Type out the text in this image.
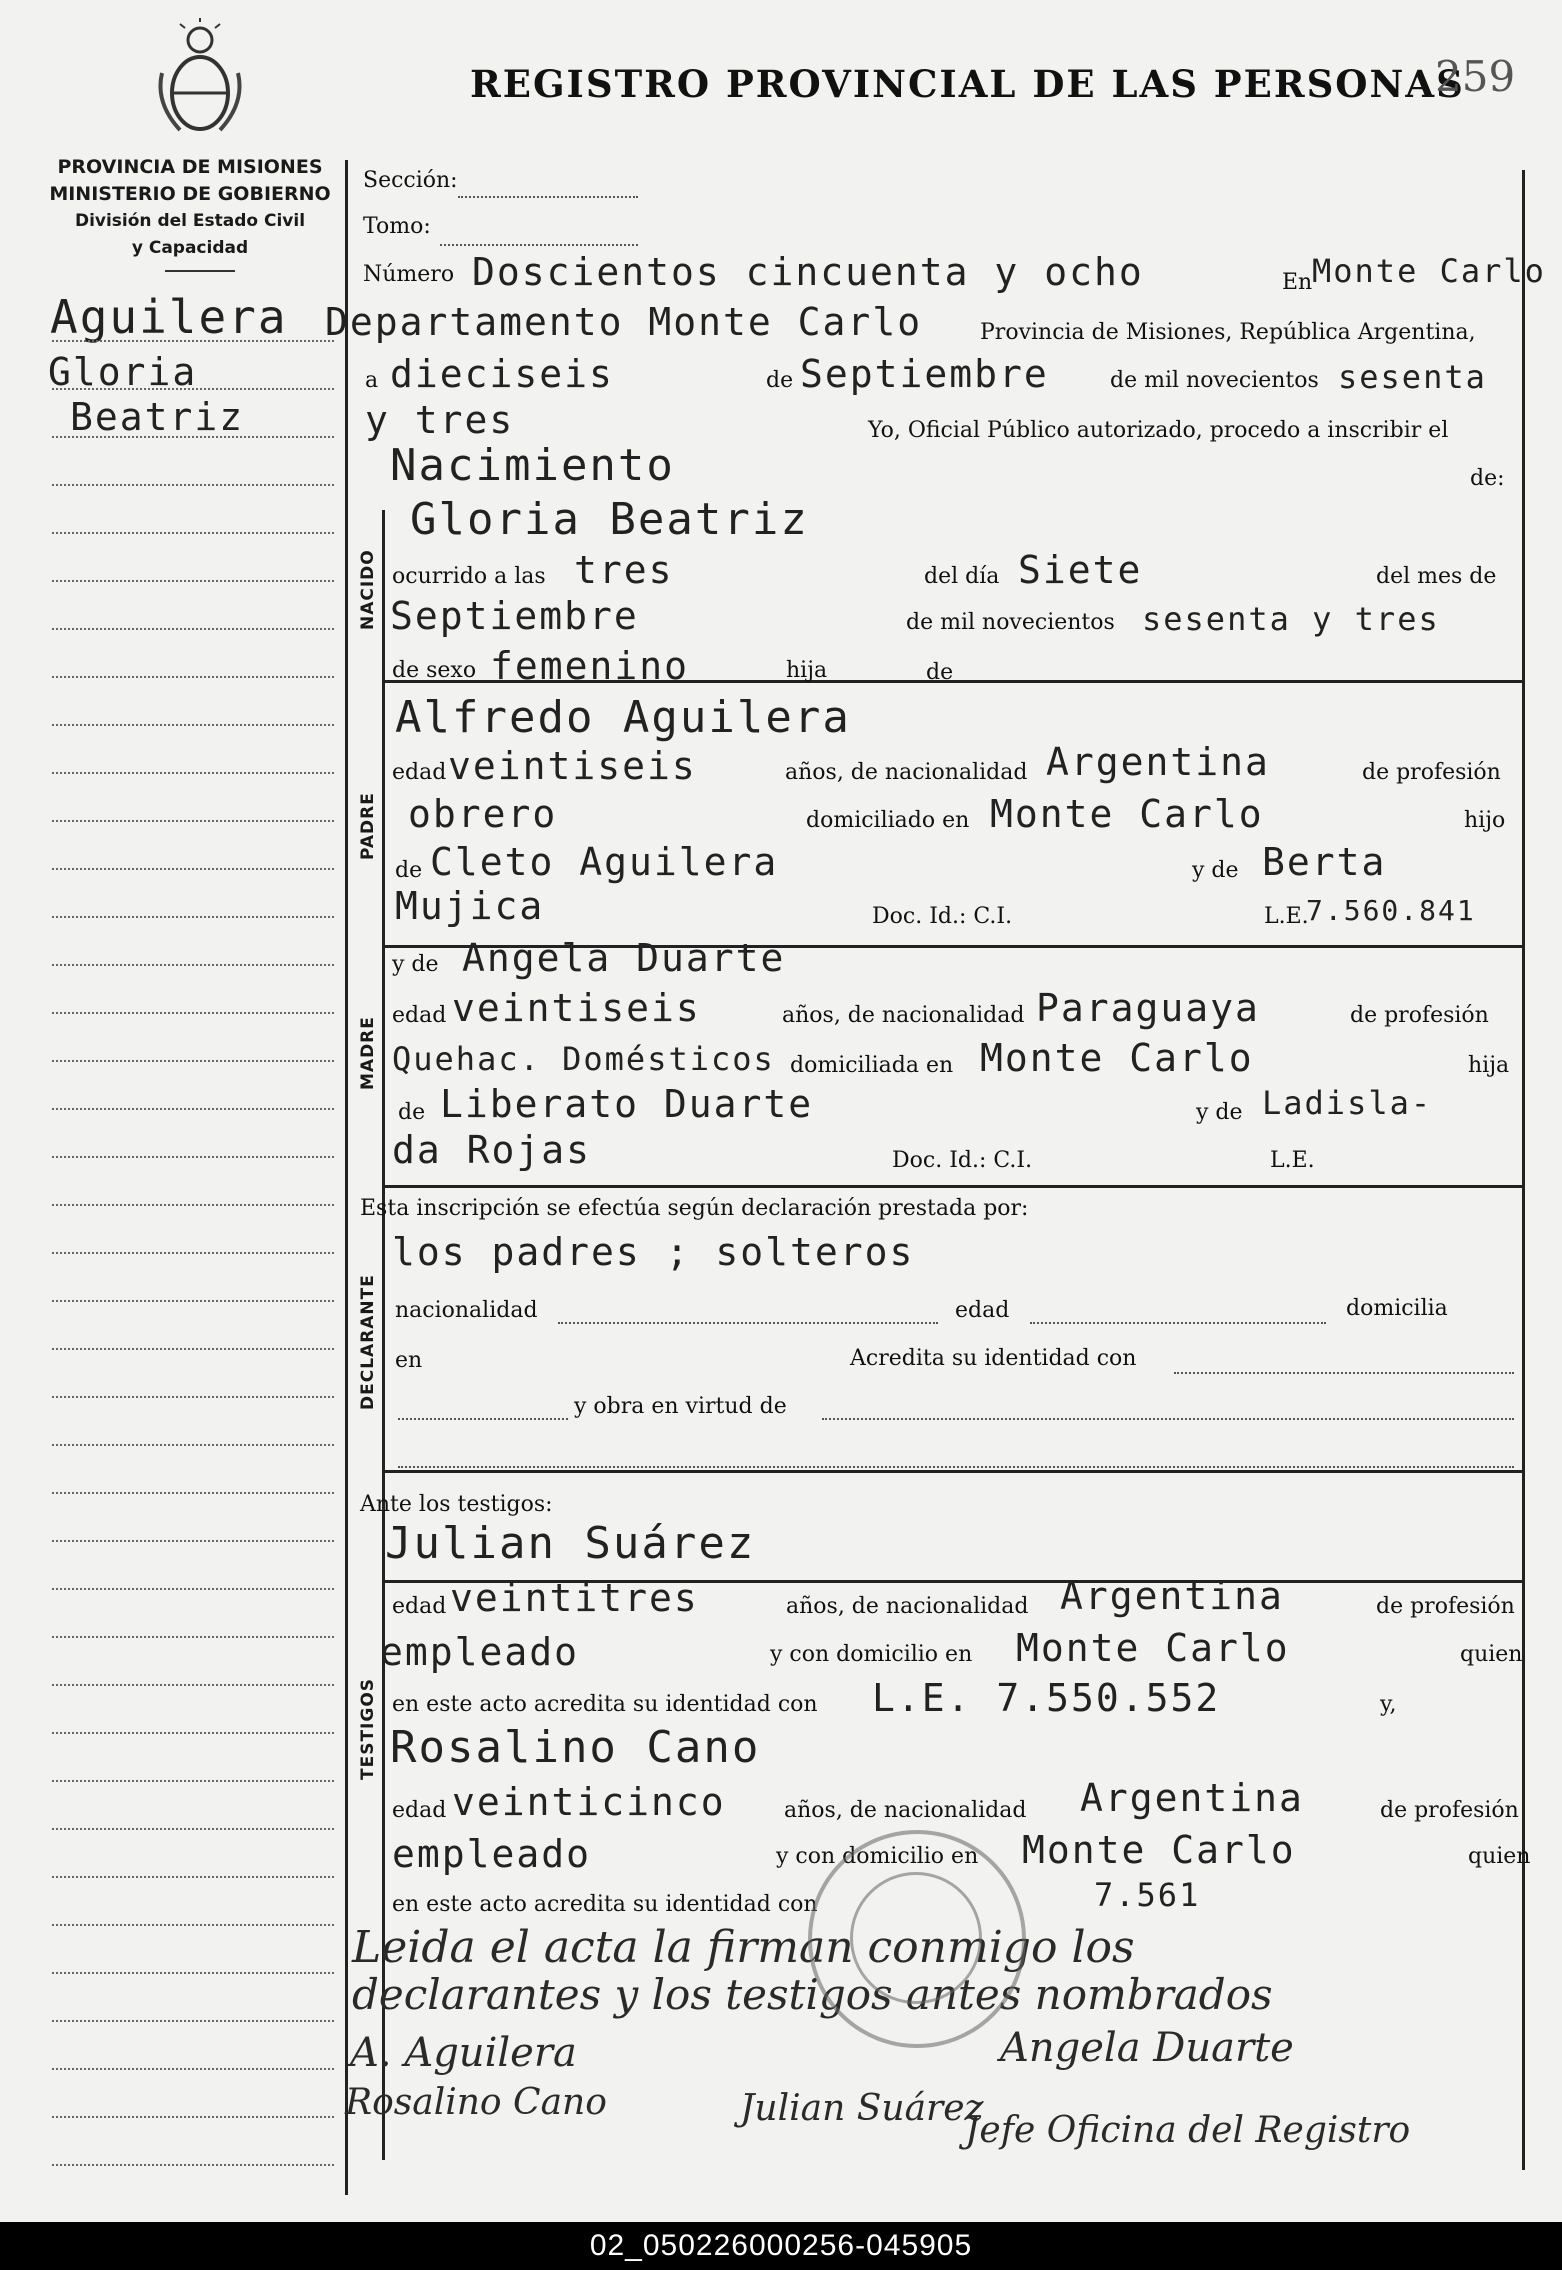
REGISTRO PROVINCIAL DE LAS PERSONAS
259
PROVINCIA DE MISIONES
MINISTERIO DE GOBIERNO
División del Estado Civil
y Capacidad
Aguilera
Gloria
Beatriz
Sección:
Tomo:
Número Doscientos cincuenta y ocho	En Monte Carlo
Departamento Monte Carlo	Provincia de Misiones, República Argentina,
a dieciseis	de Septiembre	de mil novecientos sesenta
y tres	Yo, Oficial Público autorizado, procedo a inscribir el
Nacimiento	de:
Gloria Beatriz
NACIDO ocurrido a las tres	del día Siete	del mes de
Septiembre	de mil novecientos sesenta y tres
de sexo femenino	hija	de
PADRE
Alfredo Aguilera
edad veintiseis	años, de nacionalidad Argentina	de profesión
obrero	domiciliado en Monte Carlo	hijo
de Cleto Aguilera	y de Berta
Mujica	Doc. Id.: C.I.	L.E.
7.560.841
MADRE
y de Angela Duarte
edad veintiseis	años, de nacionalidad Paraguaya	de profesión
Quehac. Domésticos domiciliada en Monte Carlo	hija
de Liberato Duarte	y de Ladisla-
da Rojas	Doc. Id.: C.I.	L.E.
Esta inscripción se efectúa según declaración prestada por:
los padres ; solteros
DECLARANTE nacionalidad	edad	domicilia
en	Acredita su identidad con
y obra en virtud de
Ante los testigos:
Julian Suárez
TESTIGOS
edad veintitres	años, de nacionalidad Argentina	de profesión
empleado	y con domicilio en Monte Carlo	quien
en este acto acredita su identidad con L.E. 7.550.552	y,
Rosalino Cano
edad veinticinco	años, de nacionalidad Argentina	de profesión
empleado	y con domicilio en Monte Carlo	quien
en este acto acredita su identidad con	7.561
Leida el acta la firman conmigo los
declarantes y los testigos antes nombrados
A. Aguilera	Angela Duarte
Rosalino Cano	Julian Suárez
Jefe Oficina del Registro
02_050226000256-045905
